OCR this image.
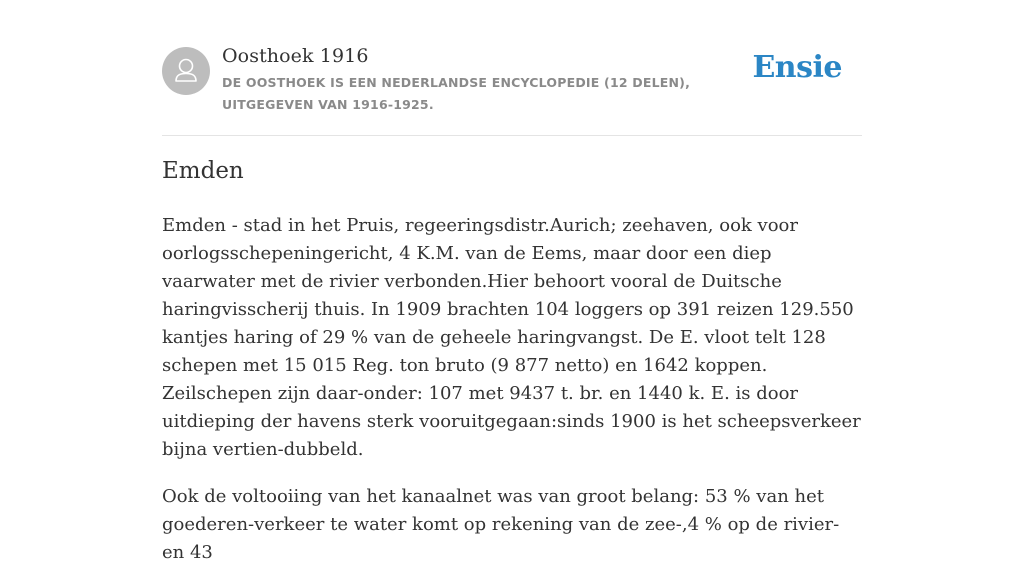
Oosthoek 1916
DE OOSTHOEK IS EEN NEDERLANDSE ENCYCLOPEDIE (12 DELEN), UITGEGEVEN VAN 1916-1925.
Ensie
Emden

Emden - stad in het Pruis, regeeringsdistr.Aurich; zeehaven, ook voor oorlogsschepeningericht, 4 K.M. van de Eems, maar door een diep vaarwater met de rivier verbonden.Hier behoort vooral de Duitsche haringvisscherij thuis. In 1909 brachten 104 loggers op 391 reizen 129.550 kantjes haring of 29 % van de geheele haringvangst. De E. vloot telt 128 schepen met 15 015 Reg. ton bruto (9 877 netto) en 1642 koppen. Zeilschepen zijn daar-onder: 107 met 9437 t. br. en 1440 k. E. is door uitdieping der havens sterk vooruitgegaan:sinds 1900 is het scheepsverkeer bijna vertien-dubbeld.

Ook de voltooiing van het kanaalnet was van groot belang: 53 % van het goederen-verkeer te water komt op rekening van de zee-,4 % op de rivier- en 43
